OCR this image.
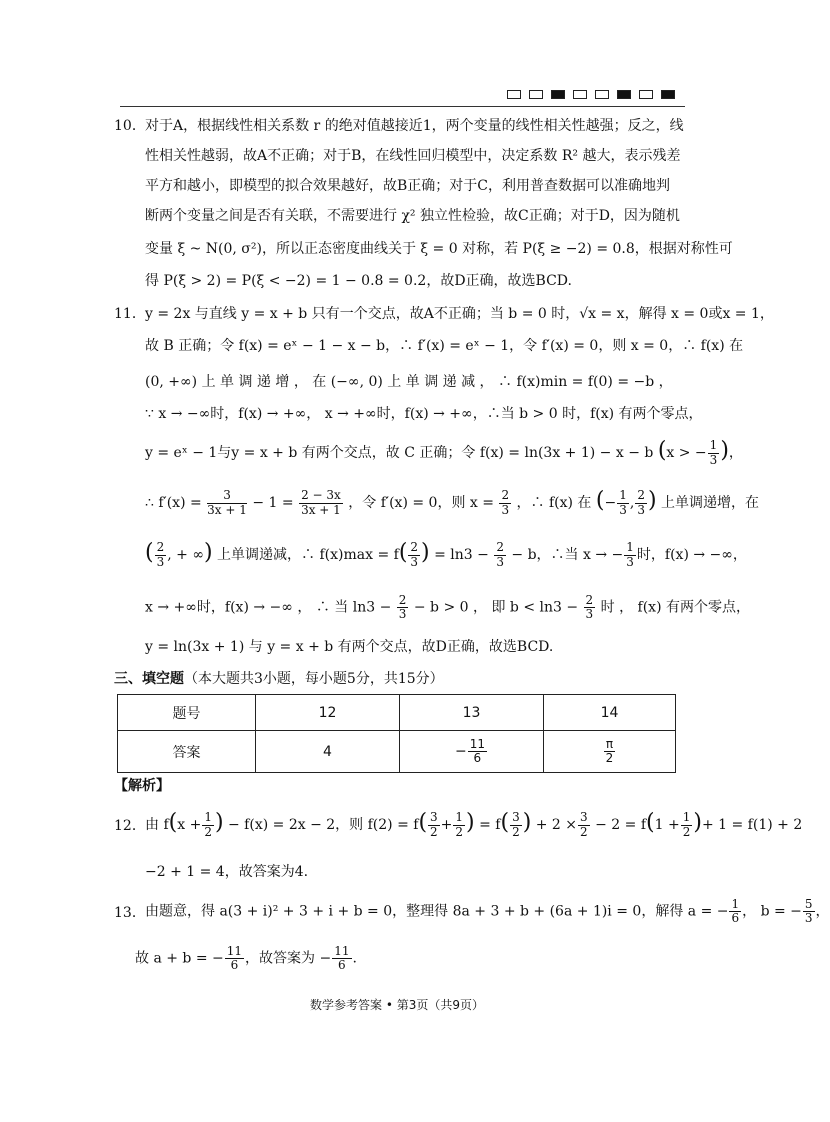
10． 对于A，根据线性相关系数 r 的绝对值越接近1，两个变量的线性相关性越强；反之，线
性相关性越弱，故A不正确；对于B，在线性回归模型中，决定系数 R² 越大，表示残差
平方和越小，即模型的拟合效果越好，故B正确；对于C，利用普查数据可以准确地判
断两个变量之间是否有关联，不需要进行 χ² 独立性检验，故C正确；对于D，因为随机
变量 ξ ~ N(0, σ²)，所以正态密度曲线关于 ξ = 0 对称，若 P(ξ ≥ −2) = 0.8，根据对称性可
得 P(ξ > 2) = P(ξ < −2) = 1 − 0.8 = 0.2，故D正确，故选BCD.
11． y = 2x 与直线 y = x + b 只有一个交点，故A不正确；当 b = 0 时，√x = x，解得 x = 0或x = 1，
故 B 正确；令 f(x) = eˣ − 1 − x − b，∴ f′(x) = eˣ − 1，令 f′(x) = 0，则 x = 0，∴ f(x) 在
(0, +∞) 上 单 调 递 增 ， 在 (−∞, 0) 上 单 调 递 减 ， ∴ f(x)min = f(0) = −b ，
∵ x → −∞时，f(x) → +∞， x → +∞时，f(x) → +∞，∴当 b > 0 时，f(x) 有两个零点，
y = eˣ − 1与y = x + b 有两个交点，故 C 正确；令 f(x) = ln(3x + 1) − x − b (x > − $\frac{1}{3}$ )，
∴ $f'(x) = \frac{3}{3x + 1} - 1 = \frac{2 - 3x}{3x + 1}$ ，令 f′(x) = 0，则 $x = \frac{2}{3}$ ，∴ f(x) 在 (− $\frac{1}{3}$ , $\frac{2}{3}$ ) 上单调递增，在
( $\frac{2}{3}$ , + ∞) 上单调递减，∴ $f(x)\max = f( \frac{2}{3}$ ) = $\ln 3 - \frac{2}{3} - b$，∴当 x → − $\frac{1}{3}$ 时，f(x) → −∞，
x → +∞时，f(x) → −∞ ， ∴ 当 $\ln 3 - \frac{2}{3} - b > 0$ ， 即 $b < \ln 3 - \frac{2}{3}$ 时 ， f(x) 有两个零点，
y = ln(3x + 1) 与 y = x + b 有两个交点，故D正确，故选BCD.
三、填空题（本大题共3小题，每小题5分，共15分）
题号	12	13	14
答案	4	− $\frac{11}{6}$	$\frac{\pi}{2}$
【解析】
12． 由 $f(x + \frac{1}{2}$ ) − f(x) = 2x − 2，则 $f(2) = f( \frac{3}{2} + \frac{1}{2}$ ) = $f( \frac{3}{2}$ ) + $2 \times \frac{3}{2} - 2 = f(1 + \frac{1}{2}$ )+ 1 = f(1) + 2
−2 + 1 = 4，故答案为4.
13． 由题意，得 a(3 + i)² + 3 + i + b = 0，整理得 8a + 3 + b + (6a + 1)i = 0，解得 a = − $\frac{1}{6}$ ， b = − $\frac{5}{3}$ ，
故 a + b = − $\frac{11}{6}$ ，故答案为 − $\frac{11}{6}$ .
数学参考答案 • 第3页（共9页）
